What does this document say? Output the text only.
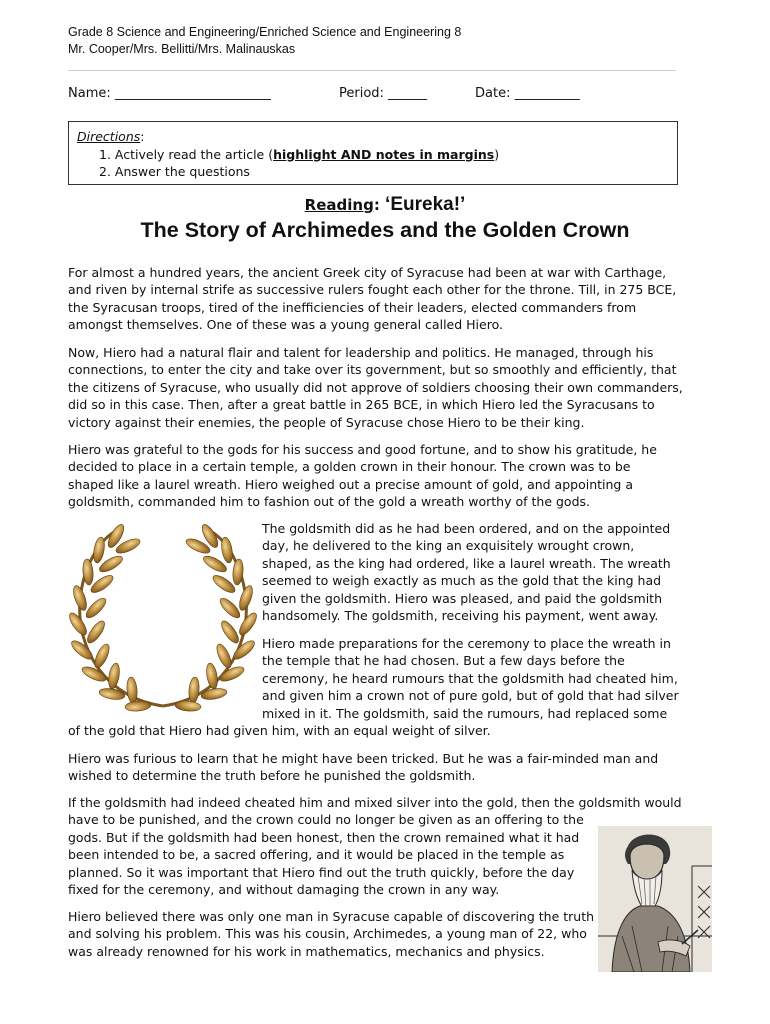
Grade 8 Science and Engineering/Enriched Science and Engineering 8
Mr. Cooper/Mrs. Bellitti/Mrs. Malinauskas
Name: ________________________	Period: ______	Date: __________
Directions:
1. Actively read the article (highlight AND notes in margins)
2. Answer the questions
Reading: ‘Eureka!’
The Story of Archimedes and the Golden Crown
For almost a hundred years, the ancient Greek city of Syracuse had been at war with Carthage,
and riven by internal strife as successive rulers fought each other for the throne. Till, in 275 BCE,
the Syracusan troops, tired of the inefficiencies of their leaders, elected commanders from
amongst themselves. One of these was a young general called Hiero.
Now, Hiero had a natural flair and talent for leadership and politics. He managed, through his
connections, to enter the city and take over its government, but so smoothly and efficiently, that
the citizens of Syracuse, who usually did not approve of soldiers choosing their own commanders,
did so in this case. Then, after a great battle in 265 BCE, in which Hiero led the Syracusans to
victory against their enemies, the people of Syracuse chose Hiero to be their king.
Hiero was grateful to the gods for his success and good fortune, and to show his gratitude, he
decided to place in a certain temple, a golden crown in their honour. The crown was to be
shaped like a laurel wreath. Hiero weighed out a precise amount of gold, and appointing a
goldsmith, commanded him to fashion out of the gold a wreath worthy of the gods.
The goldsmith did as he had been ordered, and on the appointed
day, he delivered to the king an exquisitely wrought crown,
shaped, as the king had ordered, like a laurel wreath. The wreath
seemed to weigh exactly as much as the gold that the king had
given the goldsmith. Hiero was pleased, and paid the goldsmith
handsomely. The goldsmith, receiving his payment, went away.
Hiero made preparations for the ceremony to place the wreath in
the temple that he had chosen. But a few days before the
ceremony, he heard rumours that the goldsmith had cheated him,
and given him a crown not of pure gold, but of gold that had silver
mixed in it. The goldsmith, said the rumours, had replaced some
of the gold that Hiero had given him, with an equal weight of silver.
Hiero was furious to learn that he might have been tricked. But he was a fair-minded man and
wished to determine the truth before he punished the goldsmith.
If the goldsmith had indeed cheated him and mixed silver into the gold, then the goldsmith would
have to be punished, and the crown could no longer be given as an offering to the
gods. But if the goldsmith had been honest, then the crown remained what it had
been intended to be, a sacred offering, and it would be placed in the temple as
planned. So it was important that Hiero find out the truth quickly, before the day
fixed for the ceremony, and without damaging the crown in any way.
Hiero believed there was only one man in Syracuse capable of discovering the truth
and solving his problem. This was his cousin, Archimedes, a young man of 22, who
was already renowned for his work in mathematics, mechanics and physics.
